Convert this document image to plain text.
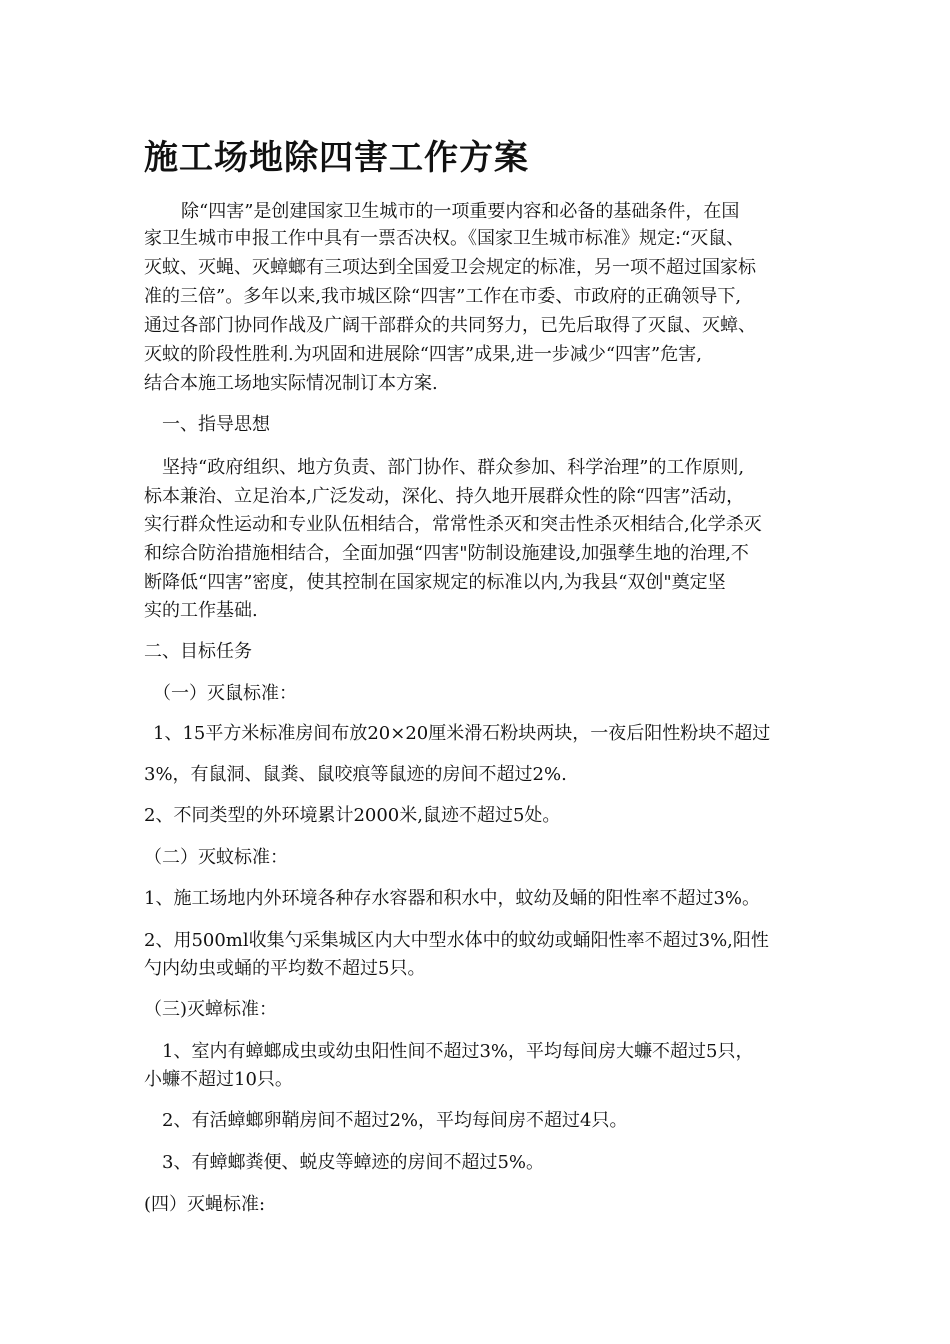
施工场地除四害工作方案
除“四害”是创建国家卫生城市的一项重要内容和必备的基础条件，在国
家卫生城市申报工作中具有一票否决权。《国家卫生城市标准》规定:“灭鼠、
灭蚊、灭蝇、灭蟑螂有三项达到全国爱卫会规定的标准，另一项不超过国家标
准的三倍”。多年以来,我市城区除“四害”工作在市委、市政府的正确领导下,
通过各部门协同作战及广阔干部群众的共同努力，已先后取得了灭鼠、灭蟑、
灭蚊的阶段性胜利.为巩固和进展除“四害”成果,进一步减少“四害”危害,
结合本施工场地实际情况制订本方案.
一、指导思想
坚持“政府组织、地方负责、部门协作、群众参加、科学治理”的工作原则,
标本兼治、立足治本,广泛发动，深化、持久地开展群众性的除“四害”活动，
实行群众性运动和专业队伍相结合，常常性杀灭和突击性杀灭相结合,化学杀灭
和综合防治措施相结合，全面加强“四害"防制设施建设,加强孳生地的治理,不
断降低“四害”密度，使其控制在国家规定的标准以内,为我县“双创"奠定坚
实的工作基础.
二、目标任务
（一）灭鼠标准：
1、15平方米标准房间布放20×20厘米滑石粉块两块，一夜后阳性粉块不超过
3%，有鼠洞、鼠粪、鼠咬痕等鼠迹的房间不超过2%.
2、不同类型的外环境累计2000米,鼠迹不超过5处。
（二）灭蚊标准：
1、施工场地内外环境各种存水容器和积水中，蚊幼及蛹的阳性率不超过3%。
2、用500ml收集勺采集城区内大中型水体中的蚊幼或蛹阳性率不超过3%,阳性
勺内幼虫或蛹的平均数不超过5只。
（三)灭蟑标准：
1、室内有蟑螂成虫或幼虫阳性间不超过3%，平均每间房大蠊不超过5只，
小蠊不超过10只。
2、有活蟑螂卵鞘房间不超过2%，平均每间房不超过4只。
3、有蟑螂粪便、蜕皮等蟑迹的房间不超过5%。
(四）灭蝇标准:
